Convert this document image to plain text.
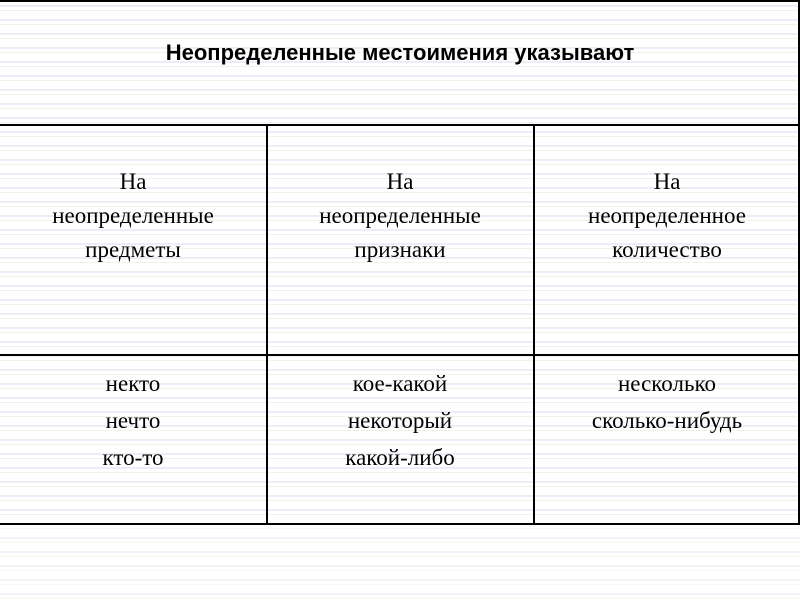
Неопределенные местоимения указывают
На
неопределенные
предметы
На
неопределенные
признаки
На
неопределенное
количество
некто
нечто
кто-то
кое-какой
некоторый
какой-либо
несколько
сколько-нибудь
